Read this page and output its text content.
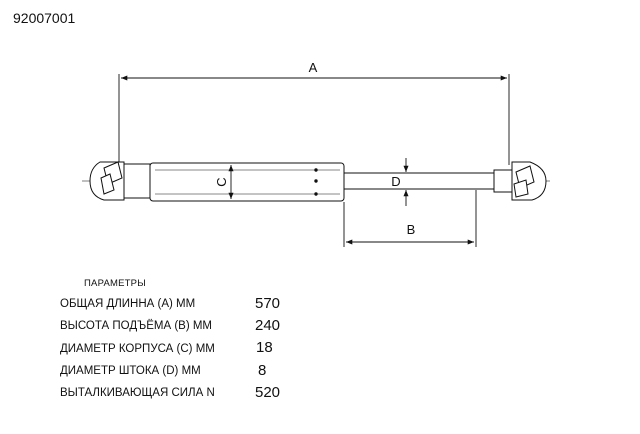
92007001
A
C	D
B
ПАРАМЕТРЫ
ОБЩАЯ ДЛИННА (А) ММ	570
ВЫСОТА ПОДЪЁМА (В) ММ	240
ДИАМЕТР КОРПУСА (С) ММ	18
ДИАМЕТР ШТОКА (D) ММ	8
ВЫТАЛКИВАЮЩАЯ СИЛА N	520
